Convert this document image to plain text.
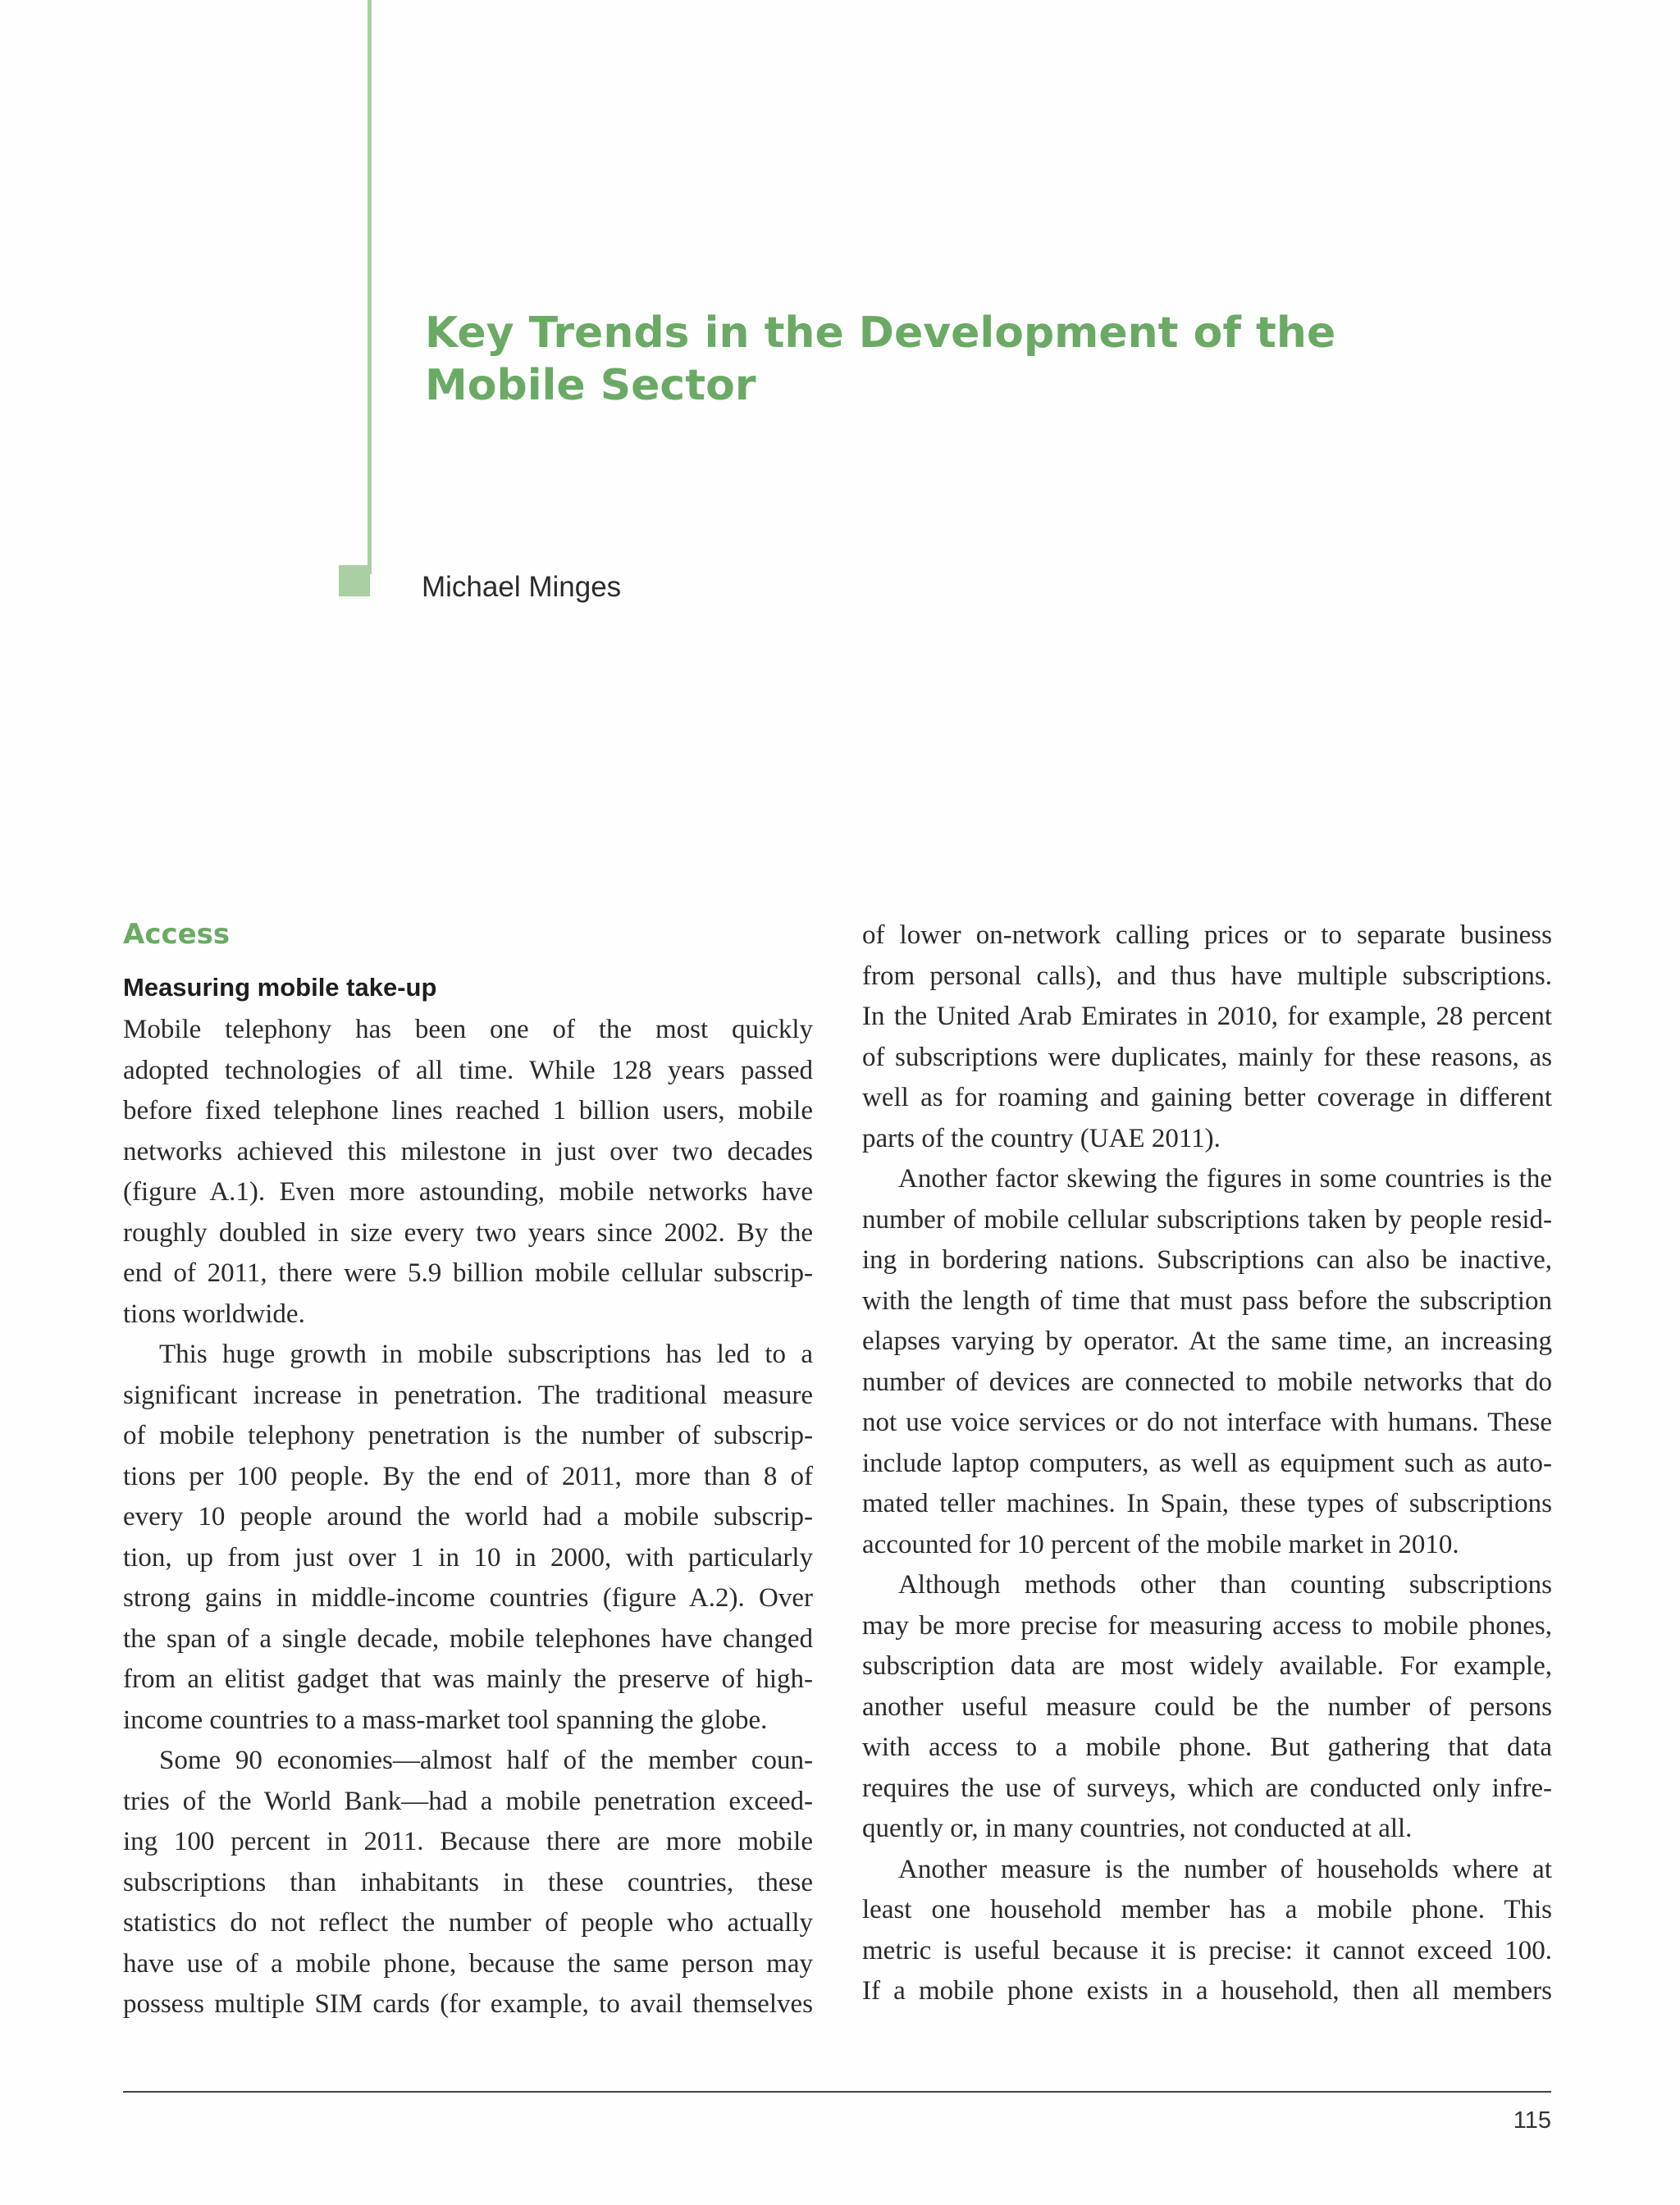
Key Trends in the Development of the
Mobile Sector
Michael Minges
Access
Measuring mobile take-up

Mobile telephony has been one of the most quickly
adopted technologies of all time. While 128 years passed
before fixed telephone lines reached 1 billion users, mobile
networks achieved this milestone in just over two decades
(figure A.1). Even more astounding, mobile networks have
roughly doubled in size every two years since 2002. By the
end of 2011, there were 5.9 billion mobile cellular subscrip-
tions worldwide.

This huge growth in mobile subscriptions has led to a
significant increase in penetration. The traditional measure
of mobile telephony penetration is the number of subscrip-
tions per 100 people. By the end of 2011, more than 8 of
every 10 people around the world had a mobile subscrip-
tion, up from just over 1 in 10 in 2000, with particularly
strong gains in middle-income countries (figure A.2). Over
the span of a single decade, mobile telephones have changed
from an elitist gadget that was mainly the preserve of high-
income countries to a mass-market tool spanning the globe.

Some 90 economies—almost half of the member coun-
tries of the World Bank—had a mobile penetration exceed-
ing 100 percent in 2011. Because there are more mobile
subscriptions than inhabitants in these countries, these
statistics do not reflect the number of people who actually
have use of a mobile phone, because the same person may
possess multiple SIM cards (for example, to avail themselves

of lower on-network calling prices or to separate business
from personal calls), and thus have multiple subscriptions.
In the United Arab Emirates in 2010, for example, 28 percent
of subscriptions were duplicates, mainly for these reasons, as
well as for roaming and gaining better coverage in different
parts of the country (UAE 2011).

Another factor skewing the figures in some countries is the
number of mobile cellular subscriptions taken by people resid-
ing in bordering nations. Subscriptions can also be inactive,
with the length of time that must pass before the subscription
elapses varying by operator. At the same time, an increasing
number of devices are connected to mobile networks that do
not use voice services or do not interface with humans. These
include laptop computers, as well as equipment such as auto-
mated teller machines. In Spain, these types of subscriptions
accounted for 10 percent of the mobile market in 2010.

Although methods other than counting subscriptions
may be more precise for measuring access to mobile phones,
subscription data are most widely available. For example,
another useful measure could be the number of persons
with access to a mobile phone. But gathering that data
requires the use of surveys, which are conducted only infre-
quently or, in many countries, not conducted at all.

Another measure is the number of households where at
least one household member has a mobile phone. This
metric is useful because it is precise: it cannot exceed 100.
If a mobile phone exists in a household, then all members

115
